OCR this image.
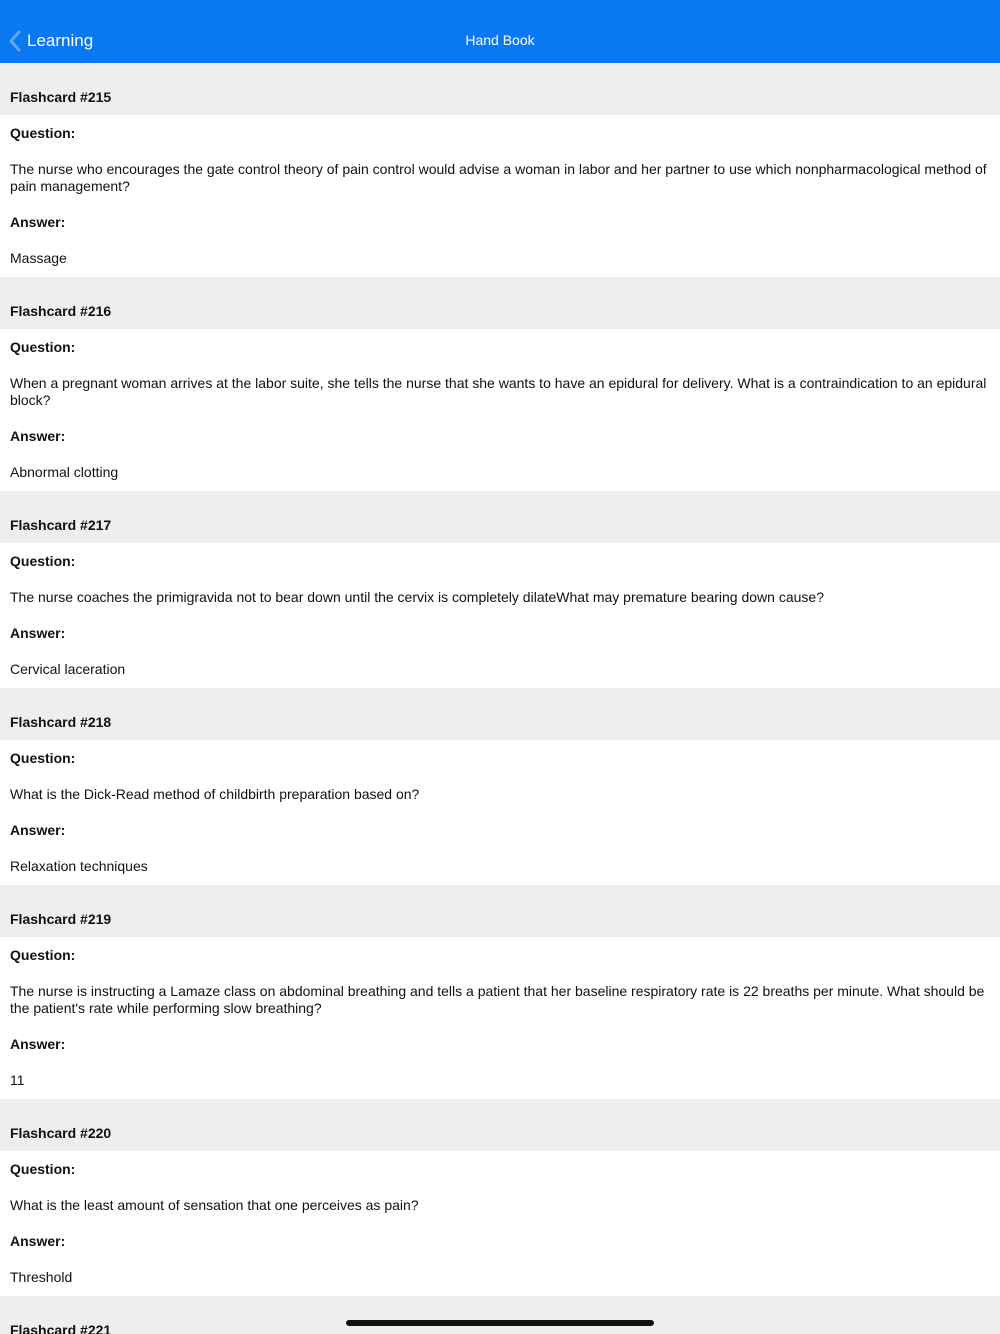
Learning	Hand Book
Flashcard #215
Question:
The nurse who encourages the gate control theory of pain control would advise a woman in labor and her partner to use which nonpharmacological method of pain management?
Answer:
Massage
Flashcard #216
Question:
When a pregnant woman arrives at the labor suite, she tells the nurse that she wants to have an epidural for delivery. What is a contraindication to an epidural block?
Answer:
Abnormal clotting
Flashcard #217
Question:
The nurse coaches the primigravida not to bear down until the cervix is completely dilateWhat may premature bearing down cause?
Answer:
Cervical laceration
Flashcard #218
Question:
What is the Dick-Read method of childbirth preparation based on?
Answer:
Relaxation techniques
Flashcard #219
Question:
The nurse is instructing a Lamaze class on abdominal breathing and tells a patient that her baseline respiratory rate is 22 breaths per minute. What should be the patient's rate while performing slow breathing?
Answer:
11
Flashcard #220
Question:
What is the least amount of sensation that one perceives as pain?
Answer:
Threshold
Flashcard #221
